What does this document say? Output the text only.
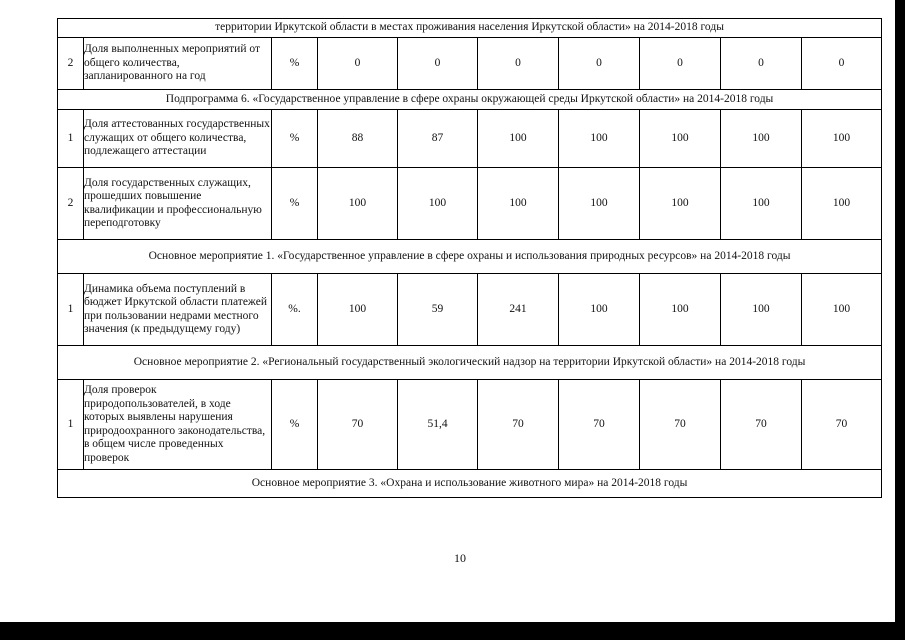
территории Иркутской области в местах проживания населения Иркутской области» на 2014-2018 годы									
2	Доля выполненных мероприятий от общего количества, запланированного на год	%	0	0	0	0	0	0	0
Подпрограмма 6. «Государственное управление в сфере охраны окружающей среды Иркутской области» на 2014-2018 годы									
1	Доля аттестованных государственных служащих от общего количества, подлежащего аттестации	%	88	87	100	100	100	100	100
2	Доля государственных служащих, прошедших повышение квалификации и профессиональную переподготовку	%	100	100	100	100	100	100	100
Основное мероприятие 1. «Государственное управление в сфере охраны и использования природных ресурсов» на 2014-2018 годы									
1	Динамика объема поступлений в бюджет Иркутской области платежей при пользовании недрами местного значения (к предыдущему году)	%.	100	59	241	100	100	100	100
Основное мероприятие 2. «Региональный государственный экологический надзор на территории Иркутской области» на 2014-2018 годы									
1	Доля проверок природопользователей, в ходе которых выявлены нарушения природоохранного законодательства, в общем числе проведенных проверок	%	70	51,4	70	70	70	70	70
Основное мероприятие 3. «Охрана и использование животного мира» на 2014-2018 годы									
10
